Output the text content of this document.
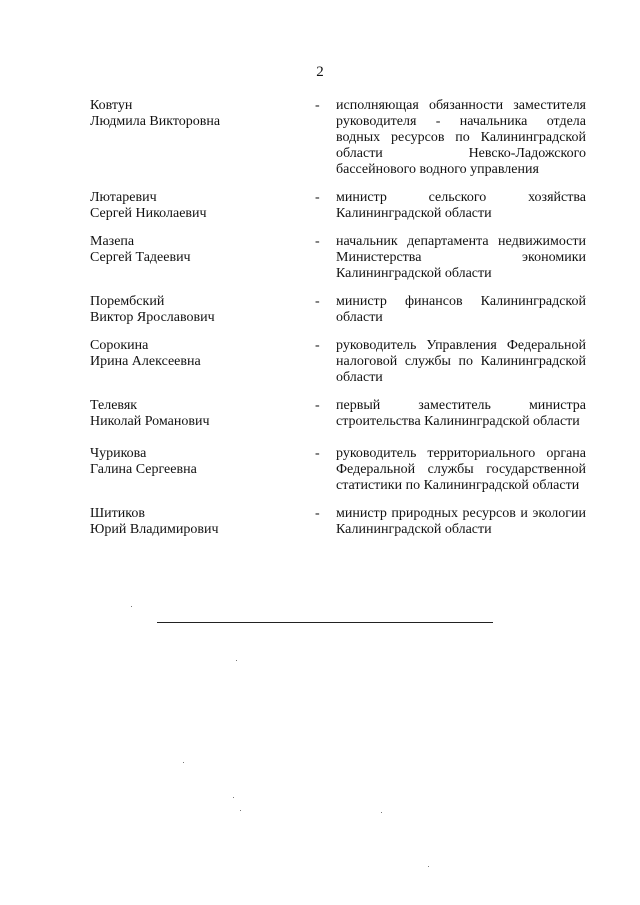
2
Ковтун
Людмила Викторовна
- исполняющая обязанности заместителя руководителя - начальника отдела водных ресурсов по Калининградской области Невско-Ладожского бассейнового водного управления
Лютаревич
Сергей Николаевич
- министр сельского хозяйства Калининградской области
Мазепа
Сергей Тадеевич
- начальник департамента недвижимости Министерства экономики Калининградской области
Порембский
Виктор Ярославович
- министр финансов Калининградской области
Сорокина
Ирина Алексеевна
- руководитель Управления Федеральной налоговой службы по Калининградской области
Телевяк
Николай Романович
- первый заместитель министра строительства Калининградской области
Чурикова
Галина Сергеевна
- руководитель территориального органа Федеральной службы государственной статистики по Калининградской области
Шитиков
Юрий Владимирович
- министр природных ресурсов и экологии Калининградской области
